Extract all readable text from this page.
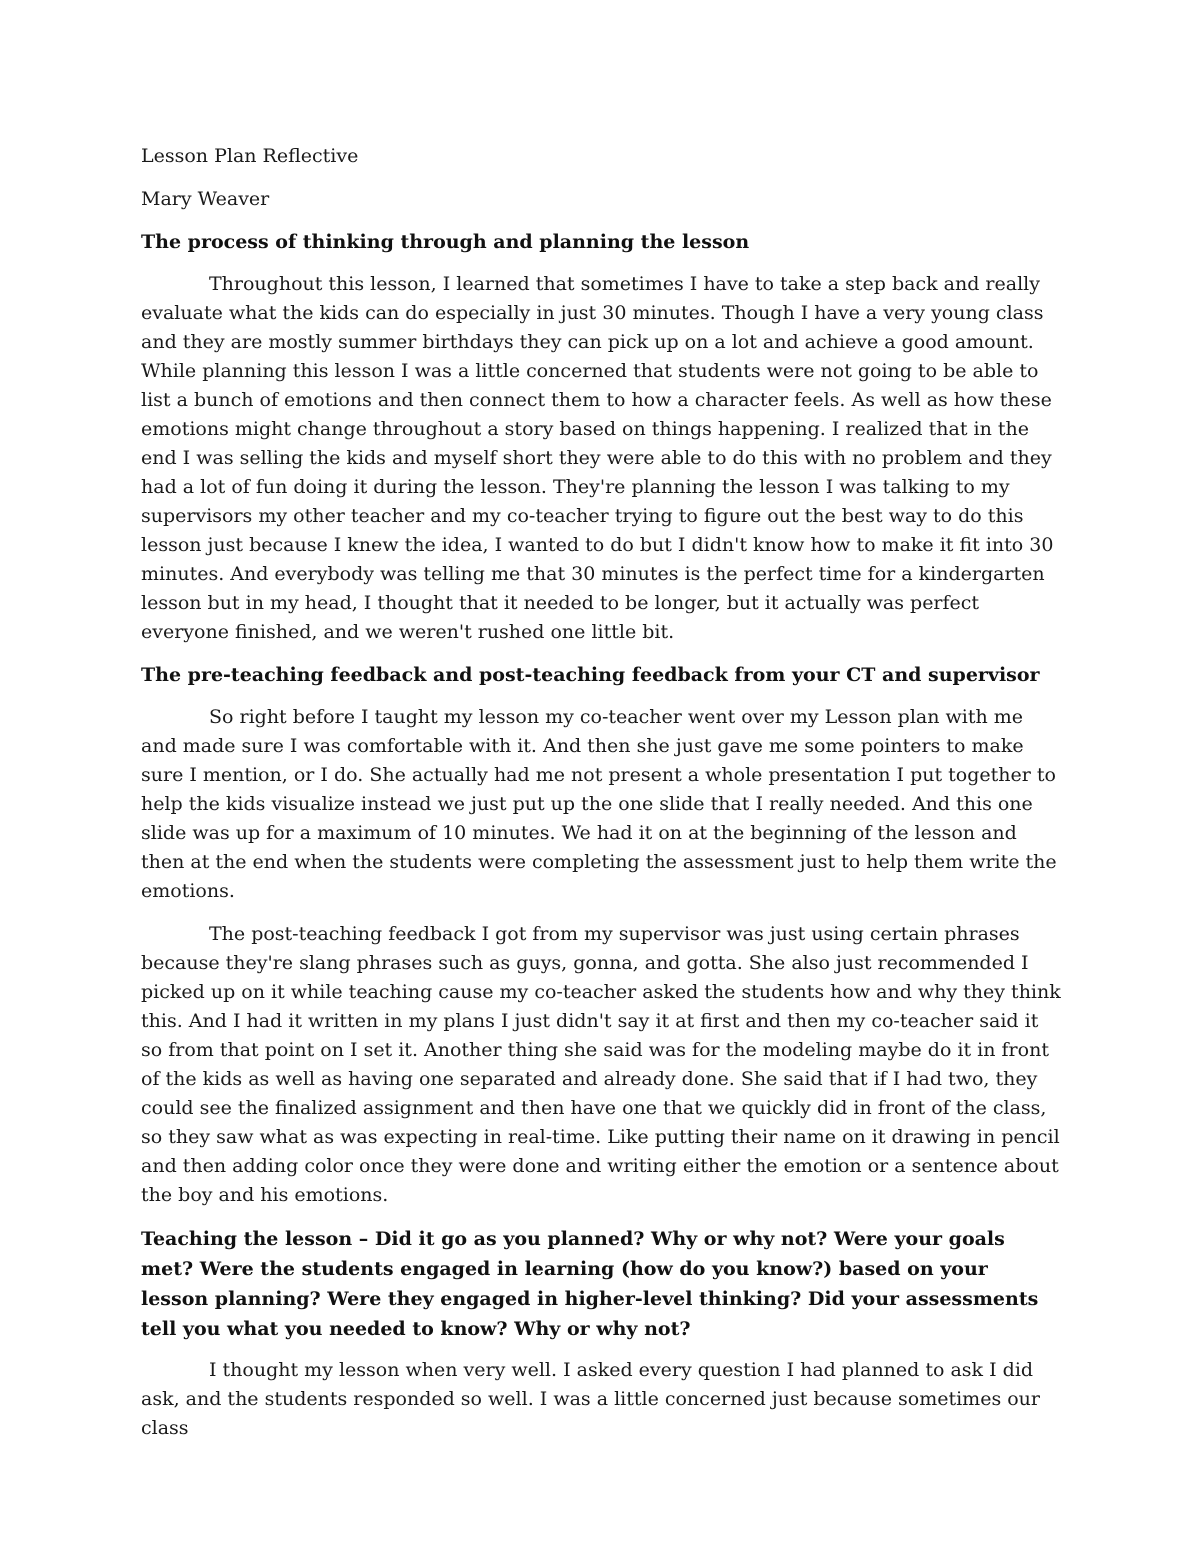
Lesson Plan Reflective
Mary Weaver
The process of thinking through and planning the lesson

Throughout this lesson, I learned that sometimes I have to take a step back and really evaluate what the kids can do especially in just 30 minutes. Though I have a very young class and they are mostly summer birthdays they can pick up on a lot and achieve a good amount. While planning this lesson I was a little concerned that students were not going to be able to list a bunch of emotions and then connect them to how a character feels. As well as how these emotions might change throughout a story based on things happening. I realized that in the end I was selling the kids and myself short they were able to do this with no problem and they had a lot of fun doing it during the lesson. They're planning the lesson I was talking to my supervisors my other teacher and my co-teacher trying to figure out the best way to do this lesson just because I knew the idea, I wanted to do but I didn't know how to make it fit into 30 minutes. And everybody was telling me that 30 minutes is the perfect time for a kindergarten lesson but in my head, I thought that it needed to be longer, but it actually was perfect everyone finished, and we weren't rushed one little bit.

The pre-teaching feedback and post-teaching feedback from your CT and supervisor

So right before I taught my lesson my co-teacher went over my Lesson plan with me and made sure I was comfortable with it. And then she just gave me some pointers to make sure I mention, or I do. She actually had me not present a whole presentation I put together to help the kids visualize instead we just put up the one slide that I really needed. And this one slide was up for a maximum of 10 minutes. We had it on at the beginning of the lesson and then at the end when the students were completing the assessment just to help them write the emotions.

The post-teaching feedback I got from my supervisor was just using certain phrases because they're slang phrases such as guys, gonna, and gotta. She also just recommended I picked up on it while teaching cause my co-teacher asked the students how and why they think this. And I had it written in my plans I just didn't say it at first and then my co-teacher said it so from that point on I set it. Another thing she said was for the modeling maybe do it in front of the kids as well as having one separated and already done. She said that if I had two, they could see the finalized assignment and then have one that we quickly did in front of the class, so they saw what as was expecting in real-time. Like putting their name on it drawing in pencil and then adding color once they were done and writing either the emotion or a sentence about the boy and his emotions.

Teaching the lesson – Did it go as you planned? Why or why not? Were your goals met? Were the students engaged in learning (how do you know?) based on your lesson planning? Were they engaged in higher-level thinking? Did your assessments tell you what you needed to know? Why or why not?

I thought my lesson when very well. I asked every question I had planned to ask I did ask, and the students responded so well. I was a little concerned just because sometimes our class
